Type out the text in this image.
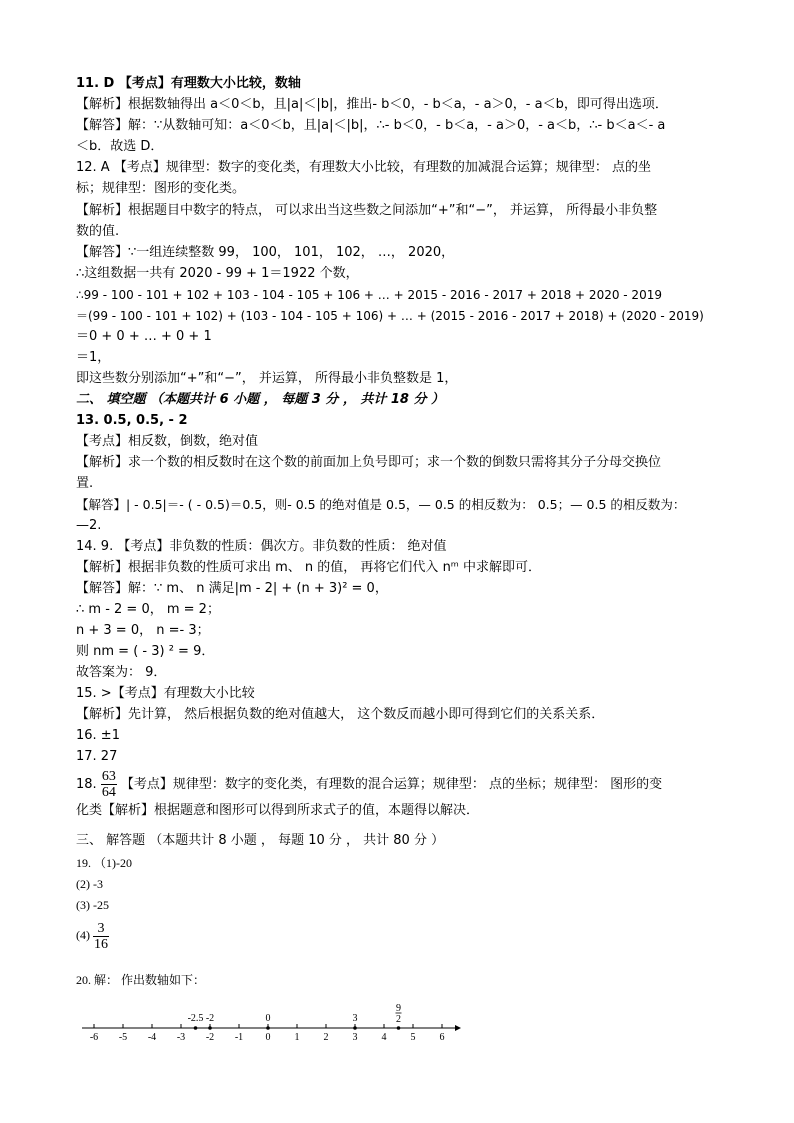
11. D 【考点】有理数大小比较，数轴
【解析】根据数轴得出 a＜0＜b，且|a|＜|b|，推出- b＜0，- b＜a，- a＞0，- a＜b，即可得出选项．
【解答】解：∵从数轴可知：a＜0＜b，且|a|＜|b|，∴- b＜0，- b＜a，- a＞0，- a＜b，∴- b＜a＜- a
＜b．故选 D．
12. A 【考点】规律型：数字的变化类，有理数大小比较，有理数的加减混合运算；规律型： 点的坐
标；规律型：图形的变化类。
【解析】根据题目中数字的特点， 可以求出当这些数之间添加“+”和“−”， 并运算， 所得最小非负整
数的值.
【解答】∵一组连续整数 99， 100， 101， 102， …， 2020，
∴这组数据一共有 2020 - 99 + 1＝1922 个数，
∴99 - 100 - 101 + 102 + 103 - 104 - 105 + 106 + … + 2015 - 2016 - 2017 + 2018 + 2020 - 2019
＝(99 - 100 - 101 + 102) + (103 - 104 - 105 + 106) + … + (2015 - 2016 - 2017 + 2018) + (2020 - 2019)
＝0 + 0 + … + 0 + 1
＝1，
即这些数分别添加“+”和“−”， 并运算， 所得最小非负整数是 1，
二、 填空题 （本题共计 6 小题 ， 每题 3 分 ， 共计 18 分 ）
13. 0.5, 0.5, - 2
【考点】相反数，倒数，绝对值
【解析】求一个数的相反数时在这个数的前面加上负号即可；求一个数的倒数只需将其分子分母交换位
置.
【解答】| - 0.5|＝- ( - 0.5)＝0.5，则- 0.5 的绝对值是 0.5，— 0.5 的相反数为： 0.5；— 0.5 的相反数为：
—2.
14. 9. 【考点】非负数的性质：偶次方。非负数的性质： 绝对值
【解析】根据非负数的性质可求出 m、 n 的值， 再将它们代入 nᵐ 中求解即可．
【解答】解：∵ m、 n 满足|m - 2| + (n + 3)² = 0，
∴ m - 2 = 0， m = 2；
n + 3 = 0， n =- 3；
则 nm = ( - 3) ² = 9．
故答案为： 9．
15. >【考点】有理数大小比较
【解析】先计算， 然后根据负数的绝对值越大， 这个数反而越小即可得到它们的关系关系．
16. ±1
17. 27
18. $\frac{63}{64}$ 【考点】规律型：数字的变化类，有理数的混合运算；规律型： 点的坐标；规律型： 图形的变
化类【解析】根据题意和图形可以得到所求式子的值，本题得以解决．
三、 解答题 （本题共计 8 小题 ， 每题 10 分 ， 共计 80 分 ）
19. （1)-20
(2) -3
(3) -25
$(4) \frac{3}{16}$
20. 解： 作出数轴如下：
-6 -5 -4 -3 -2 -1 0 1 2 3 4 5 6
-2.5 -2	0	3
9
2
